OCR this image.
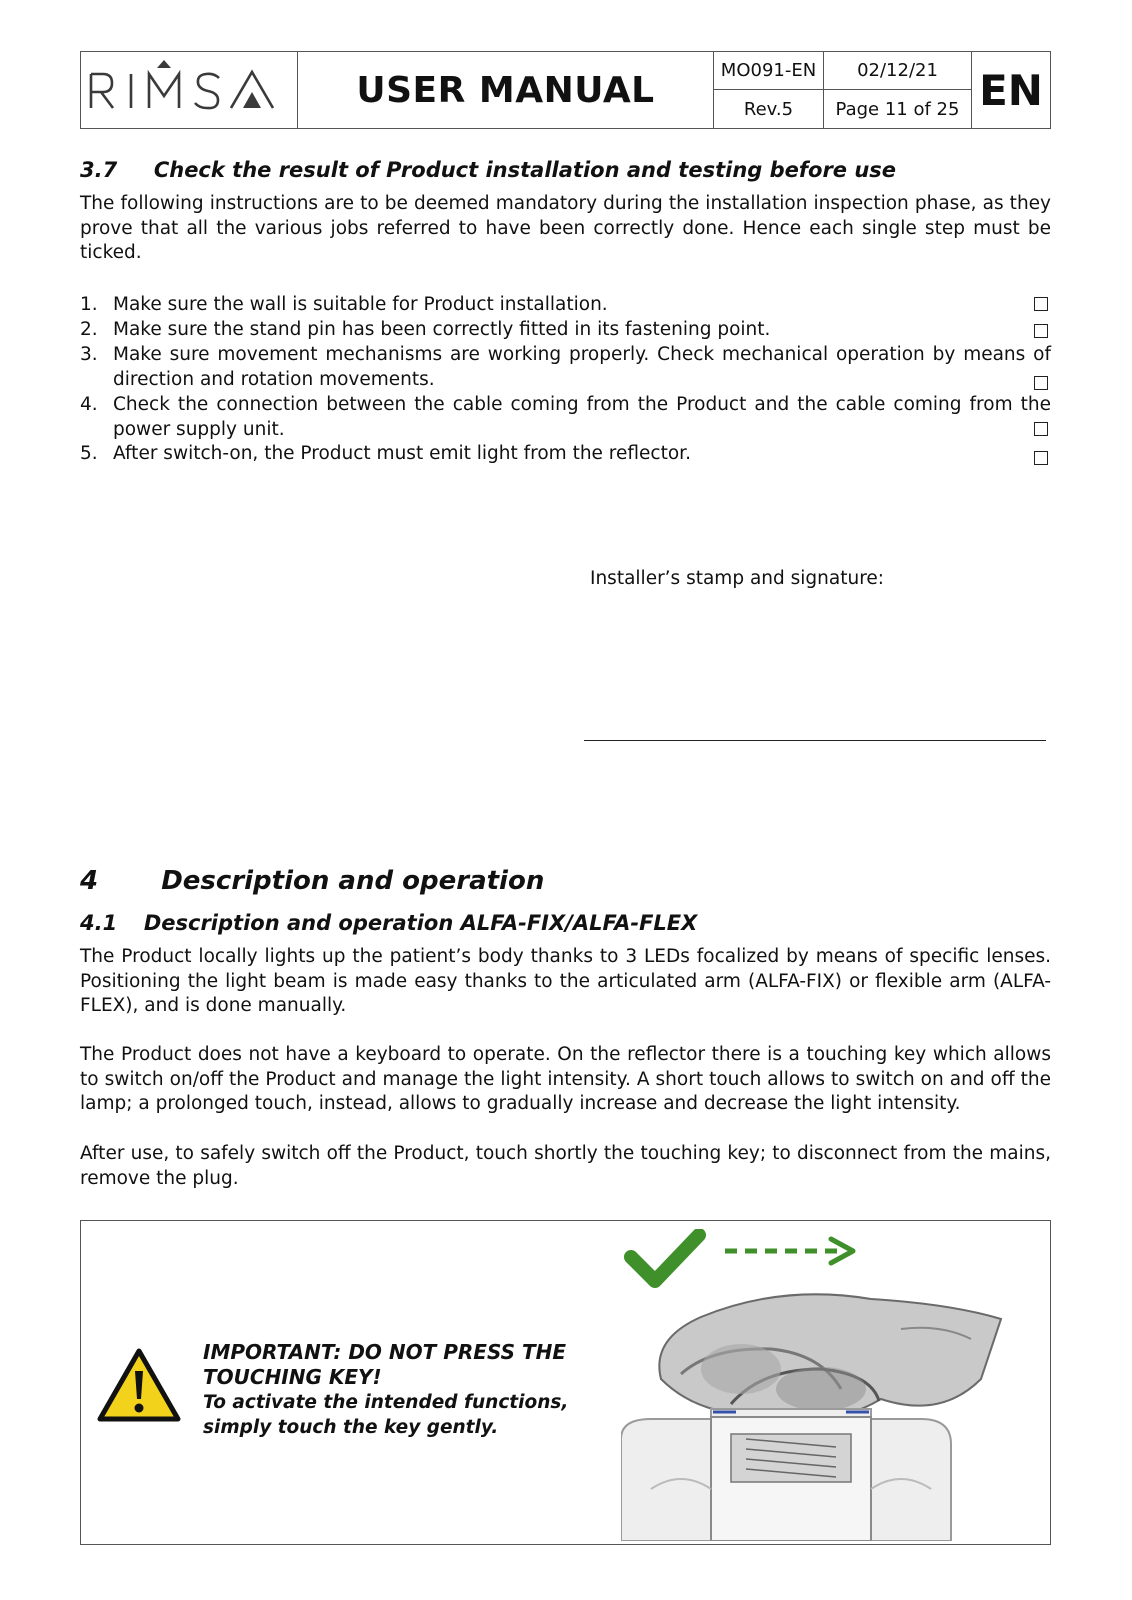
USER MANUAL	MO091-EN
Rev.5
02/12/21
Page 11 of 25 EN
3.7 Check the result of Product installation and testing before use

The following instructions are to be deemed mandatory during the installation inspection phase, as they prove that all the various jobs referred to have been correctly done. Hence each single step must be ticked.

1. Make sure the wall is suitable for Product installation.
2. Make sure the stand pin has been correctly fitted in its fastening point.
3. Make sure movement mechanisms are working properly. Check mechanical operation by means of direction and rotation movements.
4. Check the connection between the cable coming from the Product and the cable coming from the power supply unit.
5. After switch-on, the Product must emit light from the reflector.
Installer’s stamp and signature:
4 Description and operation
4.1 Description and operation ALFA-FIX/ALFA-FLEX

The Product locally lights up the patient’s body thanks to 3 LEDs focalized by means of specific lenses. Positioning the light beam is made easy thanks to the articulated arm (ALFA-FIX) or flexible arm (ALFA-FLEX), and is done manually.

The Product does not have a keyboard to operate. On the reflector there is a touching key which allows to switch on/off the Product and manage the light intensity. A short touch allows to switch on and off the lamp; a prolonged touch, instead, allows to gradually increase and decrease the light intensity.

After use, to safely switch off the Product, touch shortly the touching key; to disconnect from the mains, remove the plug.

IMPORTANT: DO NOT PRESS THE
TOUCHING KEY!
To activate the intended functions,
simply touch the key gently.
